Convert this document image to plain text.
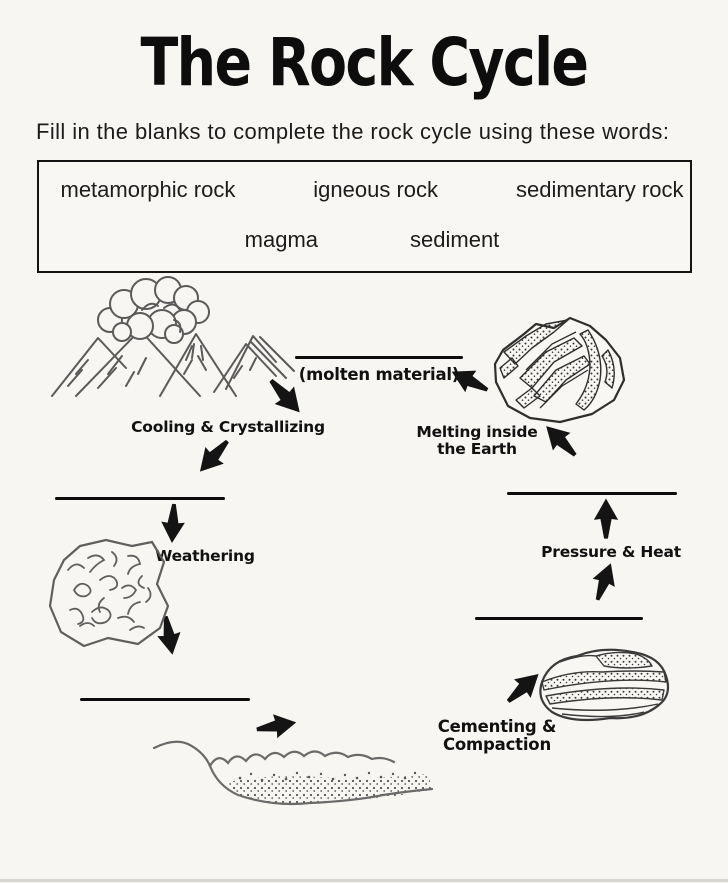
The Rock Cycle

Fill in the blanks to complete the rock cycle using these words:

metamorphic rock	igneous rock	sedimentary rock
magma	sediment
(molten material)
Cooling & Crystallizing	Melting inside
the Earth
Weathering	Pressure & Heat
Cementing &
Compaction
